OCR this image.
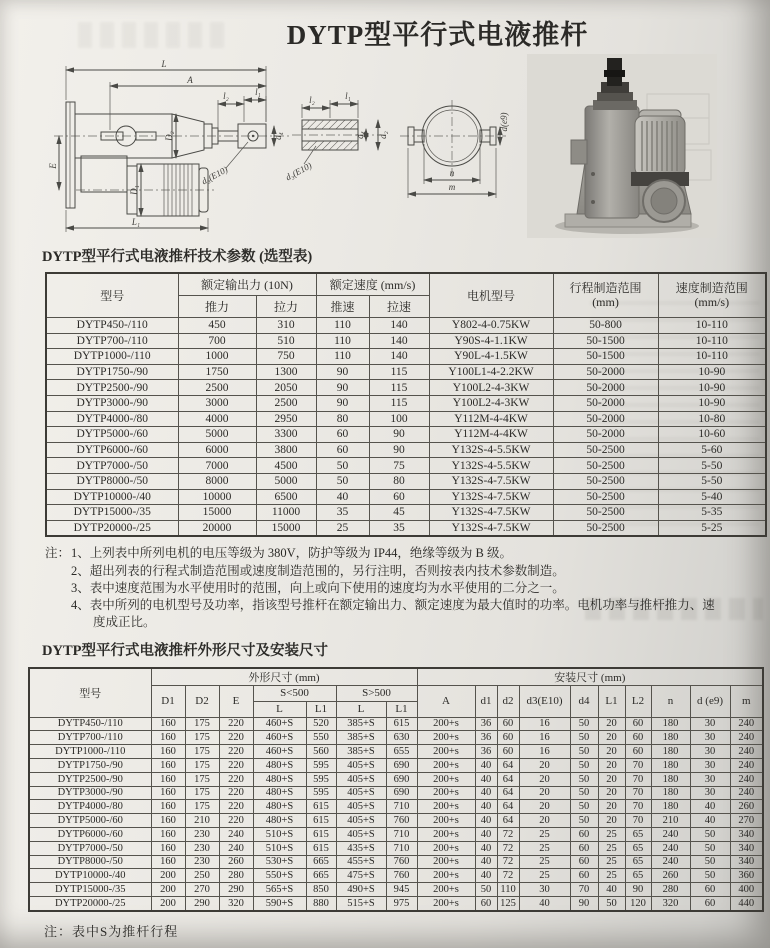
DYTP型平行式电液推杆
L
A
E
D₂
D₁
L₁
l₂	l₁
d₄
d₃(E10)
l₂	l₁
d₄ d₂
d₃(E10)
d(e9)
n
m
DYTP型平行式电液推杆技术参数 (选型表)
型号	额定输出力 (10N)		额定速度 (mm/s)		电机型号	行程制造范围
(mm)	速度制造范围
(mm/s)

	推力	拉力	推速	拉速			
DYTP450-/110	450	310	110	140	Y802-4-0.75KW	50-800	10-110
DYTP700-/110	700	510	110	140	Y90S-4-1.1KW	50-1500	10-110
DYTP1000-/110	1000	750	110	140	Y90L-4-1.5KW	50-1500	10-110
DYTP1750-/90	1750	1300	90	115	Y100L1-4-2.2KW	50-2000	10-90
DYTP2500-/90	2500	2050	90	115	Y100L2-4-3KW	50-2000	10-90
DYTP3000-/90	3000	2500	90	115	Y100L2-4-3KW	50-2000	10-90
DYTP4000-/80	4000	2950	80	100	Y112M-4-4KW	50-2000	10-80
DYTP5000-/60	5000	3300	60	90	Y112M-4-4KW	50-2000	10-60
DYTP6000-/60	6000	3800	60	90	Y132S-4-5.5KW	50-2500	5-60
DYTP7000-/50	7000	4500	50	75	Y132S-4-5.5KW	50-2500	5-50
DYTP8000-/50	8000	5000	50	80	Y132S-4-7.5KW	50-2500	5-50
DYTP10000-/40	10000	6500	40	60	Y132S-4-7.5KW	50-2500	5-40
DYTP15000-/35	15000	11000	35	45	Y132S-4-7.5KW	50-2500	5-35
DYTP20000-/25	20000	15000	25	35	Y132S-4-7.5KW	50-2500	5-25
注： 1、上列表中所列电机的电压等级为 380V，防护等级为 IP44，绝缘等级为 B 级。
2、超出列表的行程式制造范围或速度制造范围的，另行注明，否则按表内技术参数制造。
3、表中速度范围为水平使用时的范围，向上或向下使用的速度均为水平使用的二分之一。
4、表中所列的电机型号及功率，指该型号推杆在额定输出力、额定速度为最大值时的功率。电机功率与推杆推力、速度成正比。
DYTP型平行式电液推杆外形尺寸及安装尺寸
型号	外形尺寸 (mm)							安装尺寸 (mm)									
	D1	D2	E	S<500		S>500		A	d1	d2	d3(E10)	d4	L1	L2	n	d (e9)	m
				L	L1	L	L1										
DYTP450-/110	160	175	220	460+S	520	385+S	615	200+s	36	60	16	50	20	60	180	30	240
DYTP700-/110	160	175	220	460+S	550	385+S	630	200+s	36	60	16	50	20	60	180	30	240
DYTP1000-/110	160	175	220	460+S	560	385+S	655	200+s	36	60	16	50	20	60	180	30	240
DYTP1750-/90	160	175	220	480+S	595	405+S	690	200+s	40	64	20	50	20	70	180	30	240
DYTP2500-/90	160	175	220	480+S	595	405+S	690	200+s	40	64	20	50	20	70	180	30	240
DYTP3000-/90	160	175	220	480+S	595	405+S	690	200+s	40	64	20	50	20	70	180	30	240
DYTP4000-/80	160	175	220	480+S	615	405+S	710	200+s	40	64	20	50	20	70	180	40	260
DYTP5000-/60	160	210	220	480+S	615	405+S	760	200+s	40	64	20	50	20	70	210	40	270
DYTP6000-/60	160	230	240	510+S	615	405+S	710	200+s	40	72	25	60	25	65	240	50	340
DYTP7000-/50	160	230	240	510+S	615	435+S	710	200+s	40	72	25	60	25	65	240	50	340
DYTP8000-/50	160	230	260	530+S	665	455+S	760	200+s	40	72	25	60	25	65	240	50	340
DYTP10000-/40	200	250	280	550+S	665	475+S	760	200+s	40	72	25	60	25	65	260	50	360
DYTP15000-/35	200	270	290	565+S	850	490+S	945	200+s	50	110	30	70	40	90	280	60	400
DYTP20000-/25	200	290	320	590+S	880	515+S	975	200+s	60	125	40	90	50	120	320	60	440
注：表中S为推杆行程
